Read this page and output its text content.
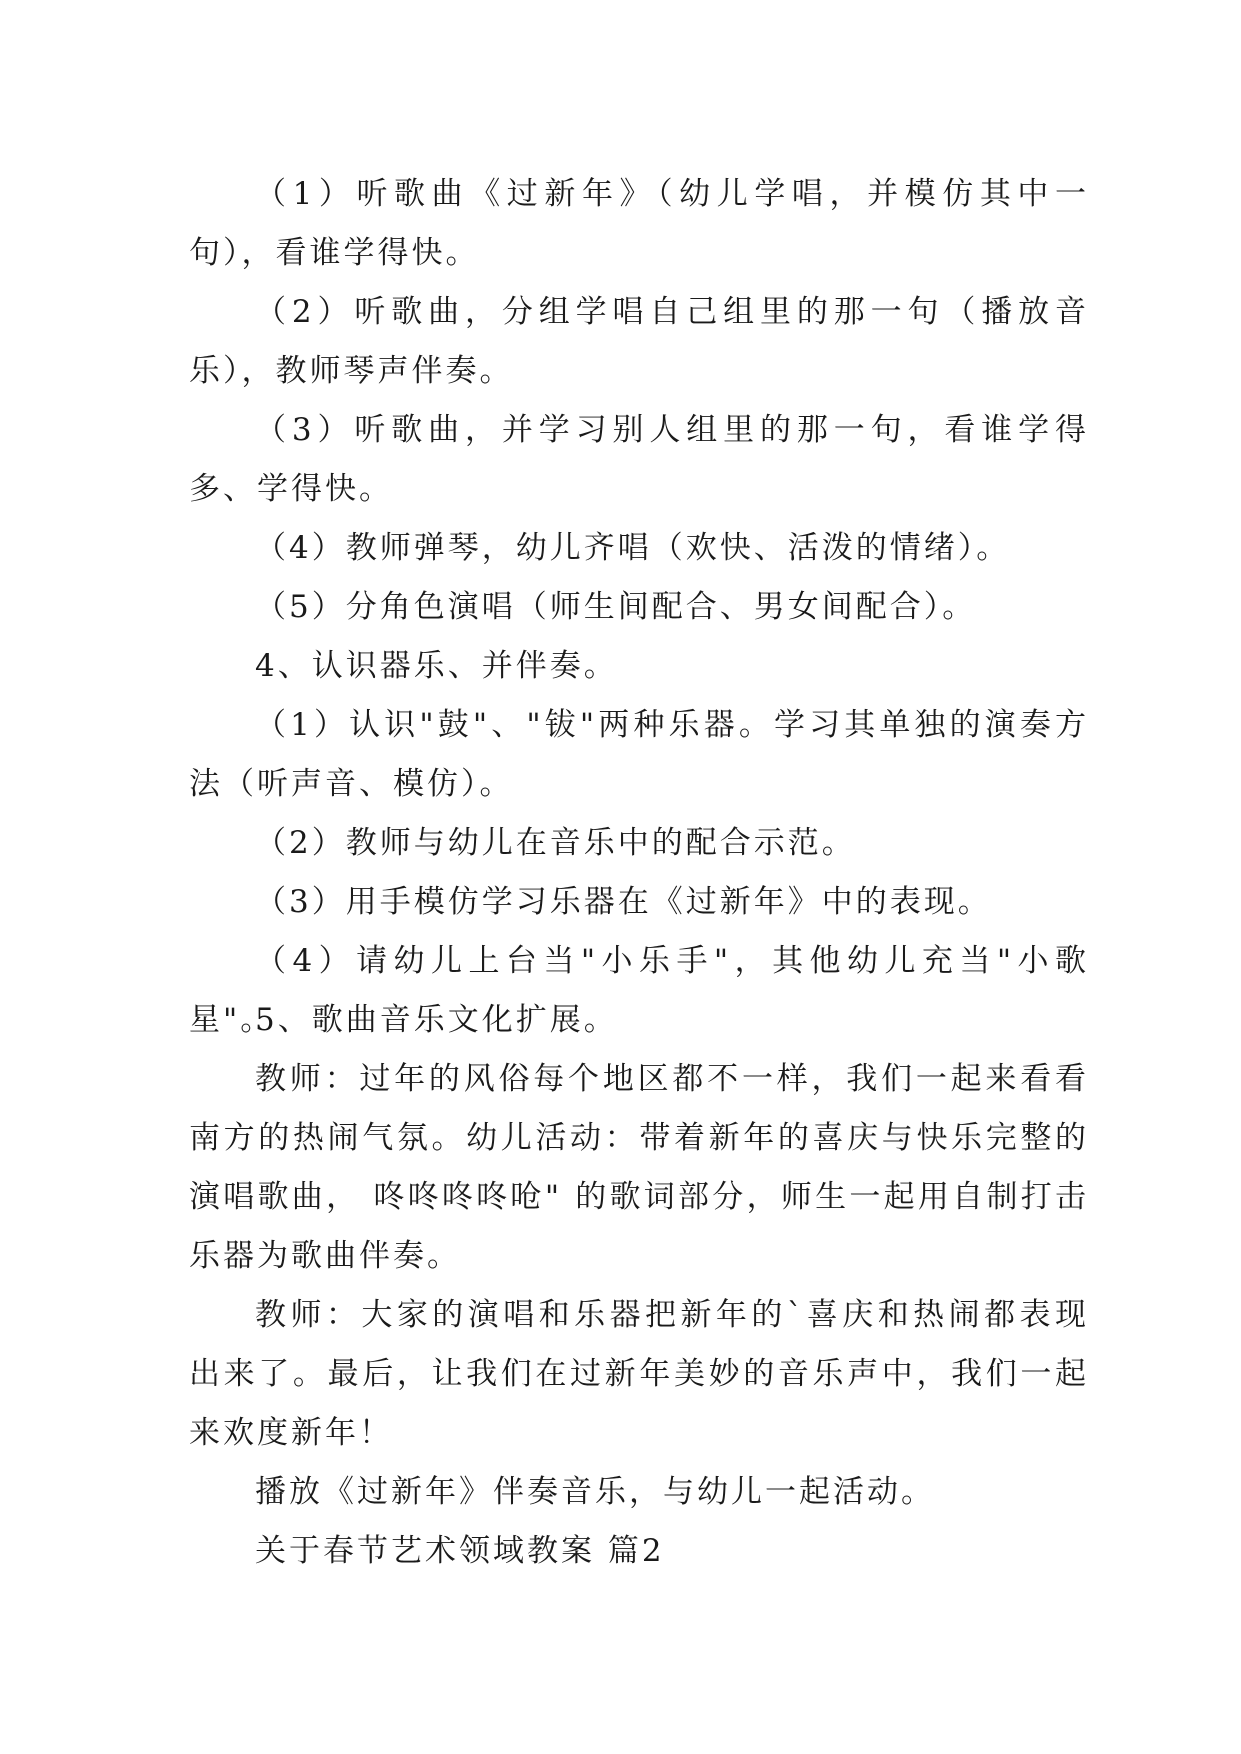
（1）听歌曲《过新年》（幼儿学唱，并模仿其中一句），看谁学得快。

（2）听歌曲，分组学唱自己组里的那一句（播放音乐），教师琴声伴奏。

（3）听歌曲，并学习别人组里的那一句，看谁学得多、学得快。

（4）教师弹琴，幼儿齐唱（欢快、活泼的情绪）。

（5）分角色演唱（师生间配合、男女间配合）。

4、认识器乐、并伴奏。

（1）认识"鼓"、"钹"两种乐器。学习其单独的演奏方法（听声音、模仿）。

（2）教师与幼儿在音乐中的配合示范。

（3）用手模仿学习乐器在《过新年》中的表现。

（4）请幼儿上台当"小乐手"，其他幼儿充当"小歌星"。

5、歌曲音乐文化扩展。

教师：过年的风俗每个地区都不一样，我们一起来看看南方的热闹气氛。幼儿活动：带着新年的喜庆与快乐完整的演唱歌曲， 咚咚咚咚呛" 的歌词部分，师生一起用自制打击乐器为歌曲伴奏。

教师：大家的演唱和乐器把新年的`喜庆和热闹都表现出来了。最后，让我们在过新年美妙的音乐声中，我们一起来欢度新年！

播放《过新年》伴奏音乐，与幼儿一起活动。

关于春节艺术领域教案 篇2
